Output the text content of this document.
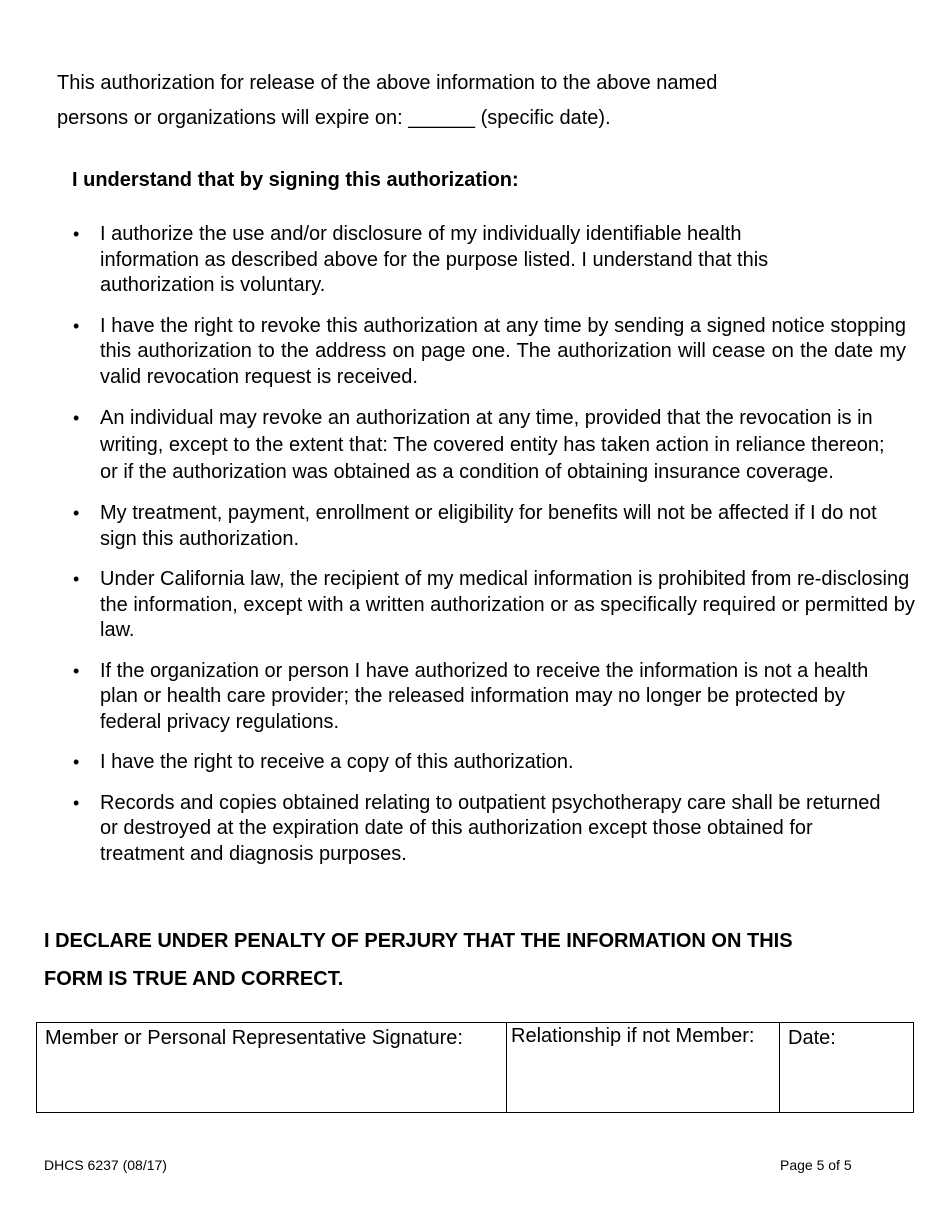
This authorization for release of the above information to the above named
persons or organizations will expire on: ______ (specific date).
I understand that by signing this authorization:
•	I authorize the use and/or disclosure of my individually identifiable health information as described above for the purpose listed. I understand that this authorization is voluntary.
•	I have the right to revoke this authorization at any time by sending a signed notice stopping this authorization to the address on page one. The authorization will cease on the date my valid revocation request is received.
•	An individual may revoke an authorization at any time, provided that the revocation is in writing, except to the extent that: The covered entity has taken action in reliance thereon; or if the authorization was obtained as a condition of obtaining insurance coverage.
•	My treatment, payment, enrollment or eligibility for benefits will not be affected if I do not sign this authorization.
•	Under California law, the recipient of my medical information is prohibited from re-disclosing the information, except with a written authorization or as specifically required or permitted by law.
•	If the organization or person I have authorized to receive the information is not a health plan or health care provider; the released information may no longer be protected by federal privacy regulations.
•	I have the right to receive a copy of this authorization.
•	Records and copies obtained relating to outpatient psychotherapy care shall be returned or destroyed at the expiration date of this authorization except those obtained for treatment and diagnosis purposes.
I DECLARE UNDER PENALTY OF PERJURY THAT THE INFORMATION ON THIS
FORM IS TRUE AND CORRECT.
Member or Personal Representative Signature:	Relationship if not Member:	Date:
DHCS 6237 (08/17)	Page 5 of 5
